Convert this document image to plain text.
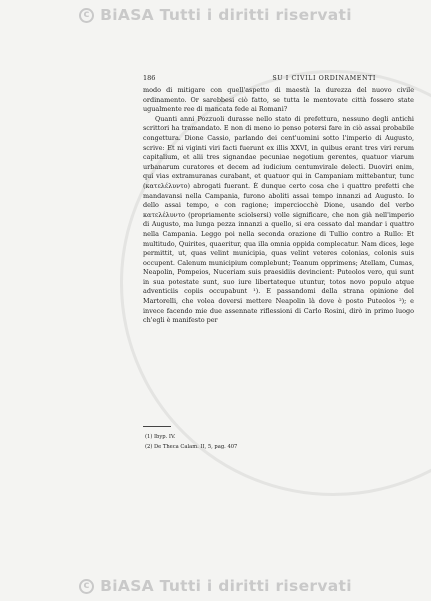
c BiASA Tutti i diritti riservati
186	SU I CIVILI ORDINAMENTI

modo di mitigare con quell'aspetto di maestà la durezza del nuovo civile ordinamento. Or sarebbesi ciò fatto, se tutta le mentovate città fossero state ugualmente ree di mancata fede ai Romani?

Quanti anni Pozzuoli durasse nello stato di prefettura, nessuno degli antichi scrittori ha tramandato. E non di meno io penso potersi fare in ciò assai probabile congettura. Dione Cassio, parlando dei cent'uomini sotto l'imperio di Augusto, scrive: Et ni viginti viri facti fuerunt ex illis XXVI, in quibus erant tres viri rerum capitalium, et alii tres signandae pecuniae negotium gerentes, quatuor viarum urbanarum curatores et decem ad iudicium centumvirale delecti. Duoviri enim, qui vias extramuranas curabant, et quatuor qui in Campaniam mittebantur, tunc (κατελέλυντο) abrogati fuerant. È dunque certo cosa che i quattro prefetti che mandavansi nella Campania, furono aboliti assai tempo innanzi ad Augusto. Io dello assai tempo, e con ragione; imperciocchè Dione, usando del verbo κατελέλυντο (propriamente sciolsersi) volle significare, che non già nell'imperio di Augusto, ma lunga pezza innanzi a quello, si era cessato dal mandar i quattro nella Campania. Leggo poi nella seconda orazione di Tullio contro a Rullo: Et multitudo, Quirites, quaeritur, qua illa omnia oppida complecatur. Nam dices, lege permittit, ut, quas velint municipia, quas velint veteres colonias, colonis suis occupent. Calenum municipium complebunt; Teanum opprimens; Atellam, Cumas, Neapolin, Pompeios, Nuceriam suis praesidiis devincient: Puteolos vero, qui sunt in sua potestate sunt, suo iure libertateque utuntur, totos novo populo atque adventiciis copiis occupabunt ¹). E passandomi della strana opinione del Martorelli, che volea doversi mettere Neapolin là dove è posto Puteolos ²); e invece facendo mie due assennate riflessioni di Carlo Rosini, dirò in primo luogo ch'egli è manifesto per

(1) Ibyp. IV.
(2) De Theca Calam. II, 5, pag. 407
c BiASA Tutti i diritti riservati
